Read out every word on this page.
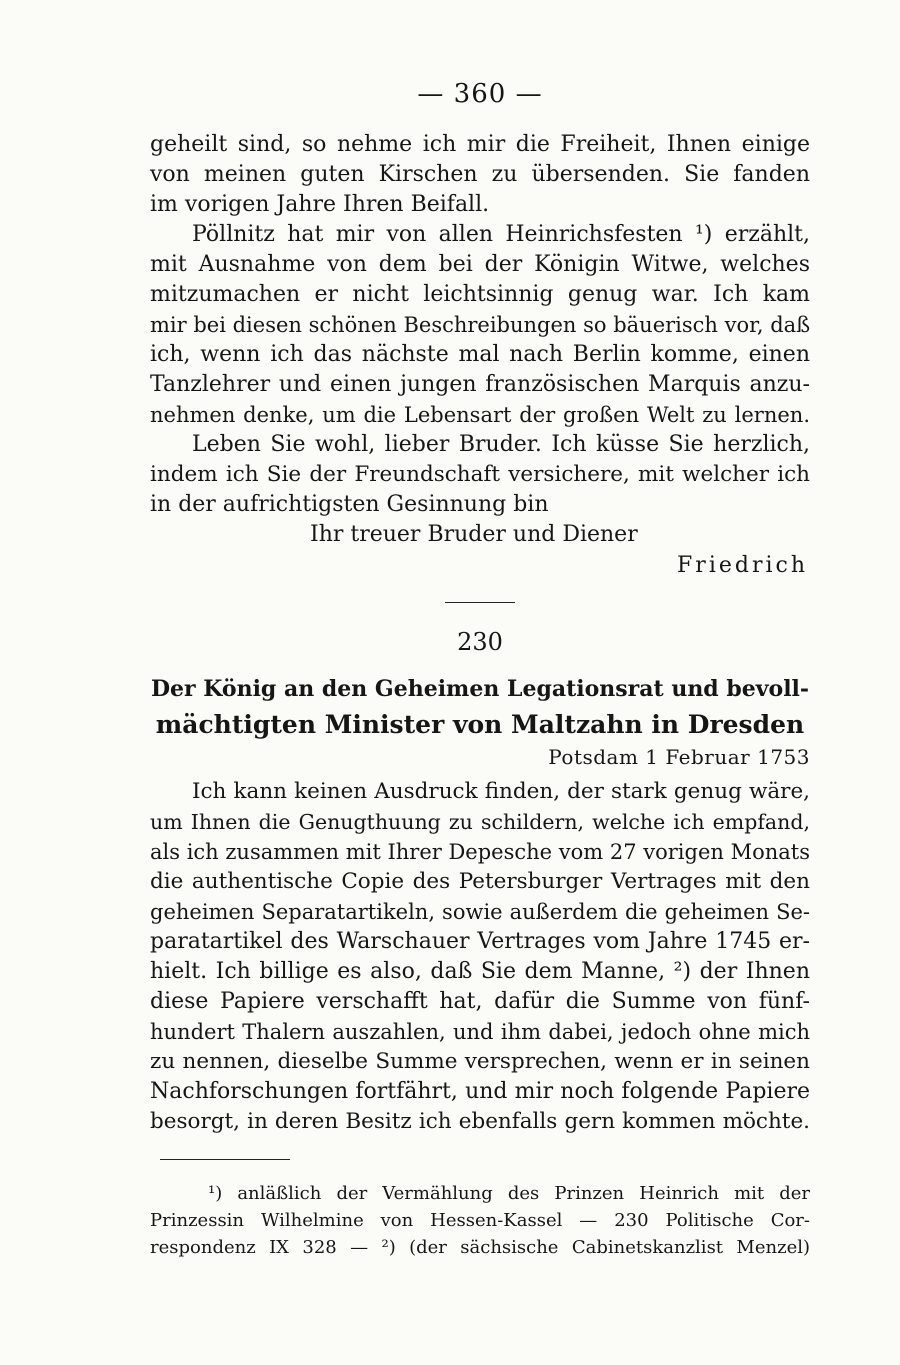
— 360 —
geheilt sind, so nehme ich mir die Freiheit, Ihnen einige
von meinen guten Kirschen zu übersenden. Sie fanden
im vorigen Jahre Ihren Beifall.
Pöllnitz hat mir von allen Heinrichsfesten ¹) erzählt,
mit Ausnahme von dem bei der Königin Witwe, welches
mitzumachen er nicht leichtsinnig genug war. Ich kam
mir bei diesen schönen Beschreibungen so bäuerisch vor, daß
ich, wenn ich das nächste mal nach Berlin komme, einen
Tanzlehrer und einen jungen französischen Marquis anzu-
nehmen denke, um die Lebensart der großen Welt zu lernen.
Leben Sie wohl, lieber Bruder. Ich küsse Sie herzlich,
indem ich Sie der Freundschaft versichere, mit welcher ich
in der aufrichtigsten Gesinnung bin
Ihr treuer Bruder und Diener
Friedrich
230
Der König an den Geheimen Legationsrat und bevoll-
mächtigten Minister von Maltzahn in Dresden
Potsdam 1 Februar 1753
Ich kann keinen Ausdruck finden, der stark genug wäre,
um Ihnen die Genugthuung zu schildern, welche ich empfand,
als ich zusammen mit Ihrer Depesche vom 27 vorigen Monats
die authentische Copie des Petersburger Vertrages mit den
geheimen Separatartikeln, sowie außerdem die geheimen Se-
paratartikel des Warschauer Vertrages vom Jahre 1745 er-
hielt. Ich billige es also, daß Sie dem Manne, ²) der Ihnen
diese Papiere verschafft hat, dafür die Summe von fünf-
hundert Thalern auszahlen, und ihm dabei, jedoch ohne mich
zu nennen, dieselbe Summe versprechen, wenn er in seinen
Nachforschungen fortfährt, und mir noch folgende Papiere
besorgt, in deren Besitz ich ebenfalls gern kommen möchte.
¹) anläßlich der Vermählung des Prinzen Heinrich mit der
Prinzessin Wilhelmine von Hessen-Kassel — 230 Politische Cor-
respondenz IX 328 — ²) (der sächsische Cabinetskanzlist Menzel)
